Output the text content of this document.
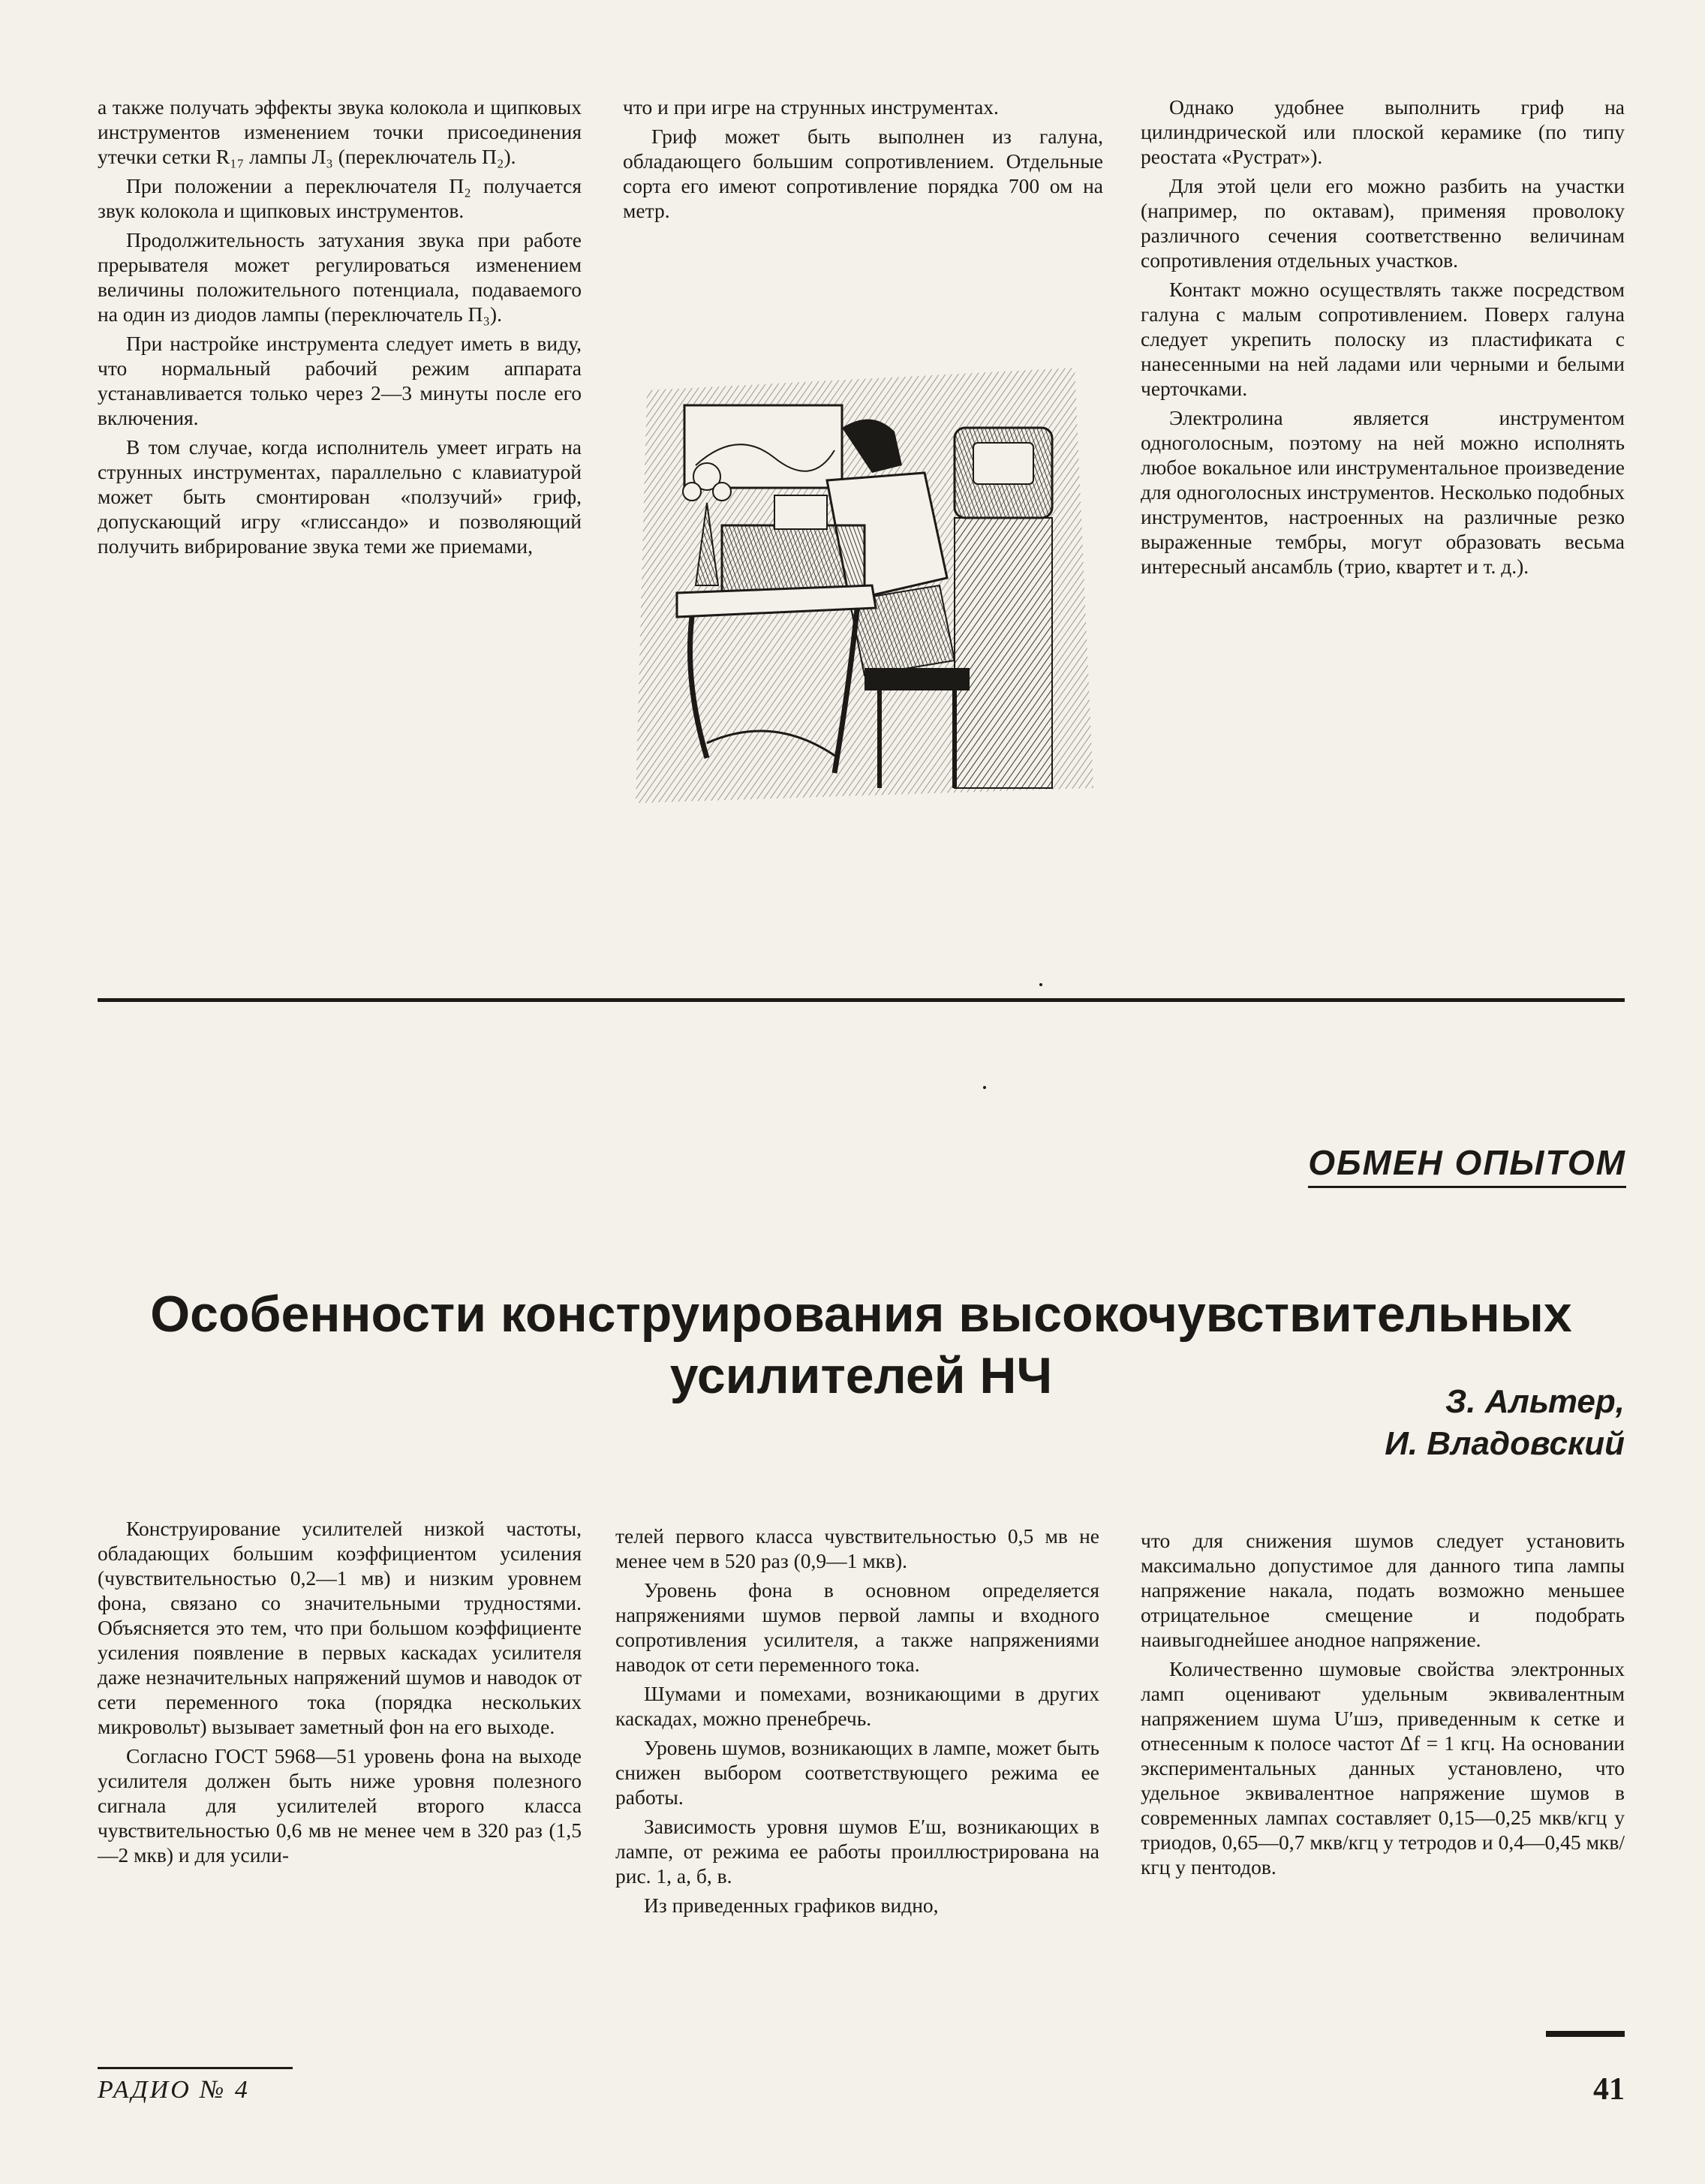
а также получать эффекты звука колокола и щипковых инструментов изменением точки присоединения утечки сетки R₁₇ лампы Л₃ (переключатель П₂).

При положении а переключателя П₂ получается звук колокола и щипковых инструментов.

Продолжительность затухания звука при работе прерывателя может регулироваться изменением величины положительного потенциала, подаваемого на один из диодов лампы (переключатель П₃).

При настройке инструмента следует иметь в виду, что нормальный рабочий режим аппарата устанавливается только через 2—3 минуты после его включения.

В том случае, когда исполнитель умеет играть на струнных инструментах, параллельно с клавиатурой может быть смонтирован «ползучий» гриф, допускающий игру «глиссандо» и позволяющий получить вибрирование звука теми же приемами,

что и при игре на струнных инструментах.

Гриф может быть выполнен из галуна, обладающего большим сопротивлением. Отдельные сорта его имеют сопротивление порядка 700 ом на метр.

Однако удобнее выполнить гриф на цилиндрической или плоской керамике (по типу реостата «Рустрат»).

Для этой цели его можно разбить на участки (например, по октавам), применяя проволоку различного сечения соответственно величинам сопротивления отдельных участков.

Контакт можно осуществлять также посредством галуна с малым сопротивлением. Поверх галуна следует укрепить полоску из пластификата с нанесенными на ней ладами или черными и белыми черточками.

Электролина является инструментом одноголосным, поэтому на ней можно исполнять любое вокальное или инструментальное произведение для одноголосных инструментов. Несколько подобных инструментов, настроенных на различные резко выраженные тембры, могут образовать весьма интересный ансамбль (трио, квартет и т. д.).

ОБМЕН ОПЫТОМ
Особенности конструирования высокочувствительных
усилителей НЧ	З. Альтер,
И. Владовский

Конструирование усилителей низкой частоты, обладающих большим коэффициентом усиления (чувствительностью 0,2—1 мв) и низким уровнем фона, связано со значительными трудностями. Объясняется это тем, что при большом коэффициенте усиления появление в первых каскадах усилителя даже незначительных напряжений шумов и наводок от сети переменного тока (порядка нескольких микровольт) вызывает заметный фон на его выходе.

Согласно ГОСТ 5968—51 уровень фона на выходе усилителя должен быть ниже уровня полезного сигнала для усилителей второго класса чувствительностью 0,6 мв не менее чем в 320 раз (1,5—2 мкв) и для усили-

телей первого класса чувствительностью 0,5 мв не менее чем в 520 раз (0,9—1 мкв).

Уровень фона в основном определяется напряжениями шумов первой лампы и входного сопротивления усилителя, а также напряжениями наводок от сети переменного тока.

Шумами и помехами, возникающими в других каскадах, можно пренебречь.

Уровень шумов, возникающих в лампе, может быть снижен выбором соответствующего режима ее работы.

Зависимость уровня шумов E′ш, возникающих в лампе, от режима ее работы проиллюстрирована на рис. 1, а, б, в.

Из приведенных графиков видно,

что для снижения шумов следует установить максимально допустимое для данного типа лампы напряжение накала, подать возможно меньшее отрицательное смещение и подобрать наивыгоднейшее анодное напряжение.

Количественно шумовые свойства электронных ламп оценивают удельным эквивалентным напряжением шума U′шэ, приведенным к сетке и отнесенным к полосе частот Δf = 1 кгц. На основании экспериментальных данных установлено, что удельное эквивалентное напряжение шумов в современных лампах составляет 0,15—0,25 мкв/кгц у триодов, 0,65—0,7 мкв/кгц у тетродов и 0,4—0,45 мкв/кгц у пентодов.

РАДИО № 4	41
